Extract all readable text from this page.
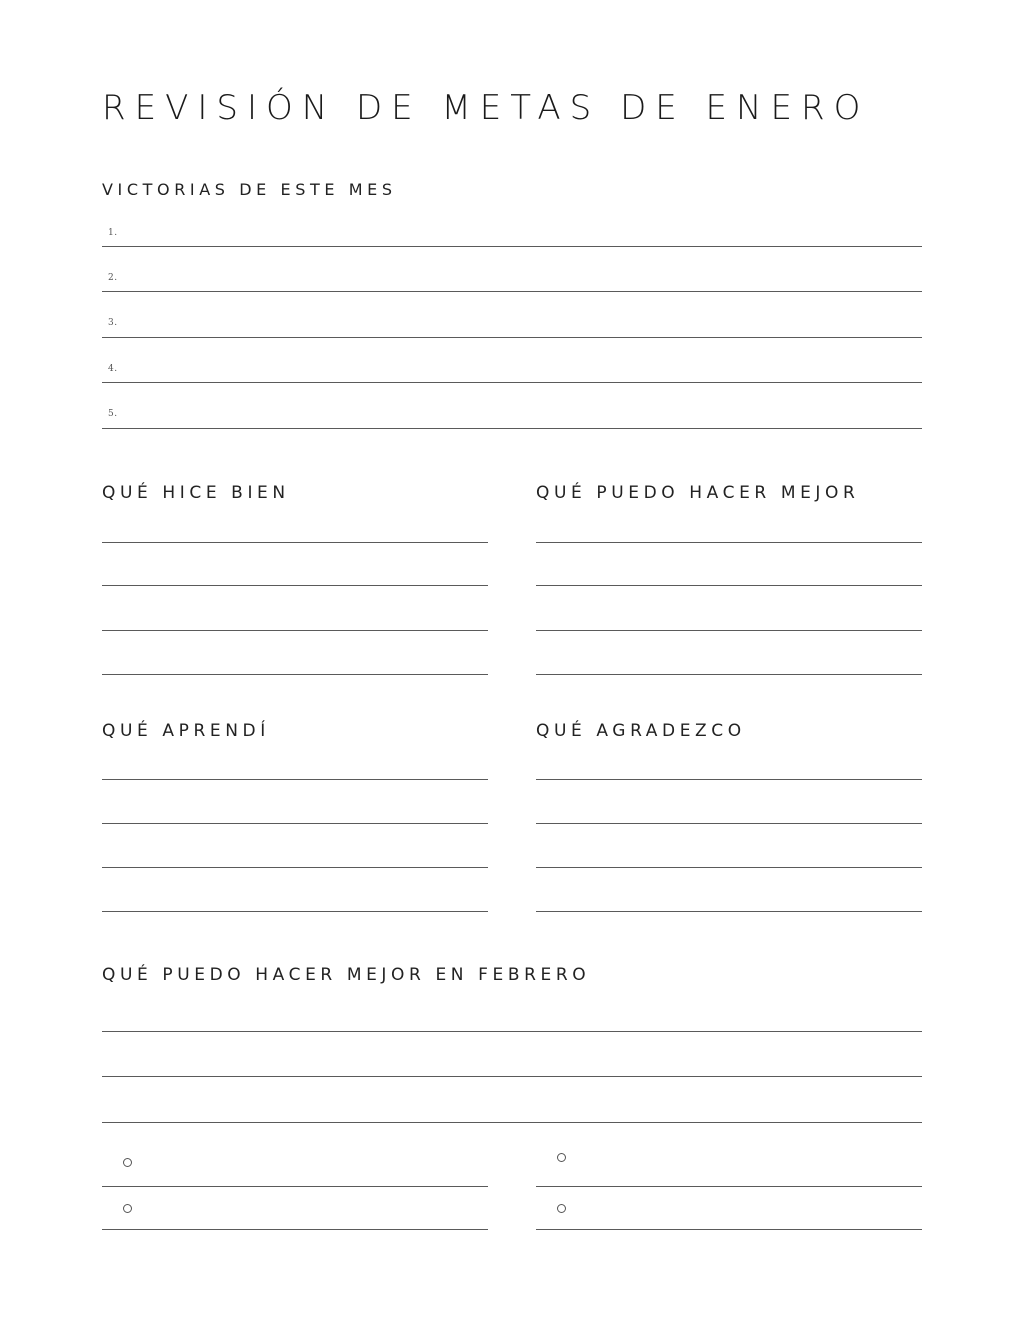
REVISIÓN DE METAS DE ENERO
VICTORIAS DE ESTE MES
1.
2.
3.
4.
5.
QUÉ HICE BIEN	QUÉ PUEDO HACER MEJOR
QUÉ APRENDÍ	QUÉ AGRADEZCO
QUÉ PUEDO HACER MEJOR EN FEBRERO
